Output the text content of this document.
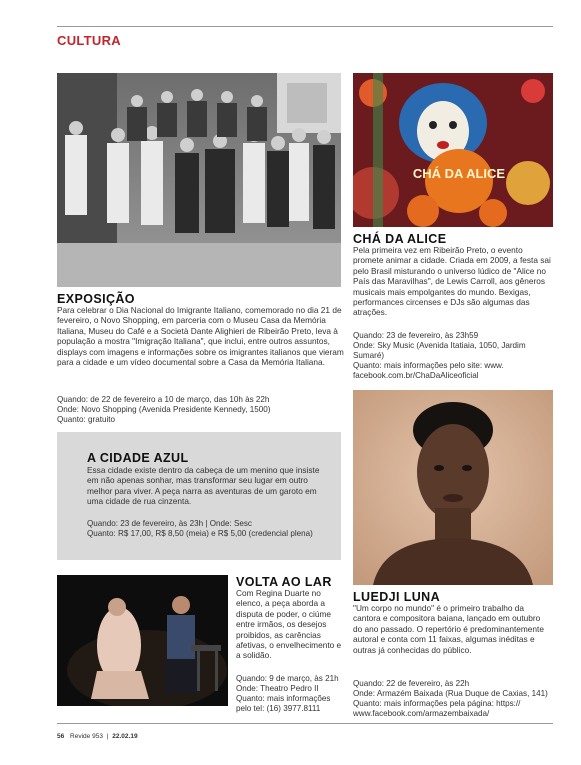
CULTURA
EXPOSIÇÃO
Para celebrar o Dia Nacional do Imigrante Italiano, comemorado no dia 21 de fevereiro, o Novo Shopping, em parceria com o Museu Casa da Memória Italiana, Museu do Café e a Società Dante Alighieri de Ribeirão Preto, leva à população a mostra "Imigração Italiana", que inclui, entre outros assuntos, displays com imagens e informações sobre os imigrantes italianos que vieram para a cidade e um vídeo documental sobre a Casa da Memória Italiana.
Quando: de 22 de fevereiro a 10 de março, das 10h às 22h
Onde: Novo Shopping (Avenida Presidente Kennedy, 1500)
Quanto: gratuito
CHÁ DA ALICE
CHÁ DA ALICE
Pela primeira vez em Ribeirão Preto, o evento promete animar a cidade. Criada em 2009, a festa sai pelo Brasil misturando o universo lúdico de "Alice no País das Maravilhas", de Lewis Carroll, aos gêneros musicais mais empolgantes do mundo. Bexigas, performances circenses e DJs são algumas das atrações.
Quando: 23 de fevereiro, às 23h59
Onde: Sky Music (Avenida Itatiaia, 1050, Jardim Sumaré)
Quanto: mais informações pelo site: www. facebook.com.br/ChaDaAliceoficial
A CIDADE AZUL
Essa cidade existe dentro da cabeça de um menino que insiste em não apenas sonhar, mas transformar seu lugar em outro melhor para viver. A peça narra as aventuras de um garoto em uma cidade de rua cinzenta.
Quando: 23 de fevereiro, às 23h | Onde: Sesc
Quanto: R$ 17,00, R$ 8,50 (meia) e R$ 5,00 (credencial plena)
VOLTA AO LAR
Com Regina Duarte no elenco, a peça aborda a disputa de poder, o ciúme entre irmãos, os desejos proibidos, as carências afetivas, o envelhecimento e a solidão.
Quando: 9 de março, às 21h
Onde: Theatro Pedro II
Quanto: mais informações pelo tel: (16) 3977.8111
LUEDJI LUNA
"Um corpo no mundo" é o primeiro trabalho da cantora e compositora baiana, lançado em outubro do ano passado. O repertório é predominantemente autoral e conta com 11 faixas, algumas inéditas e outras já conhecidas do público.
Quando: 22 de fevereiro, às 22h
Onde: Armazém Baixada (Rua Duque de Caxias, 141)
Quanto: mais informações pela página: https:// www.facebook.com/armazembaixada/
56 Revide 953 | 22.02.19
